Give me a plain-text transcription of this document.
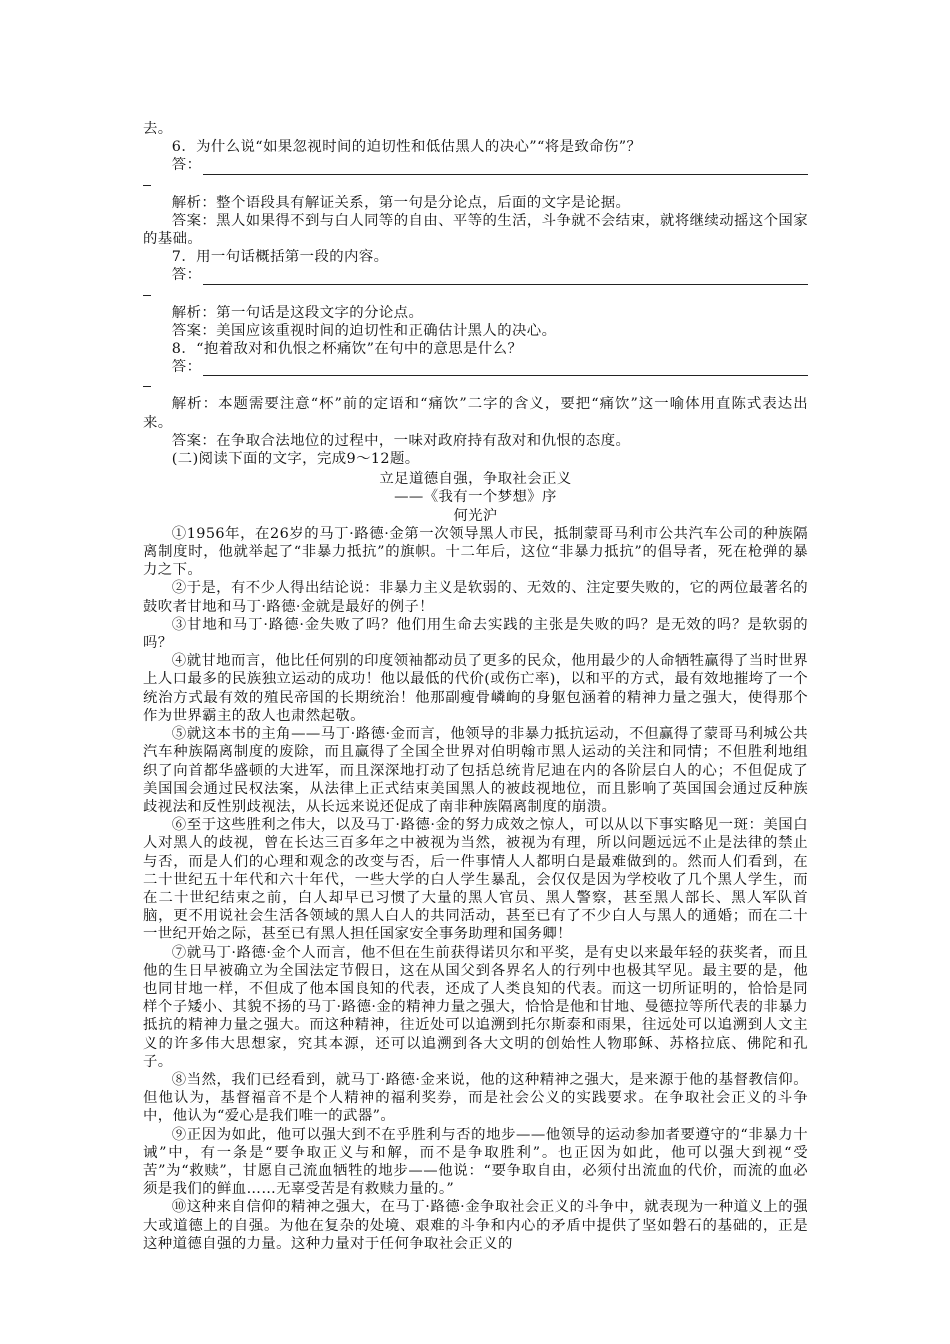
去。

6．为什么说“如果忽视时间的迫切性和低估黑人的决心”“将是致命伤”？

答：

解析：整个语段具有解证关系，第一句是分论点，后面的文字是论据。

答案：黑人如果得不到与白人同等的自由、平等的生活，斗争就不会结束，就将继续动摇这个国家的基础。

7．用一句话概括第一段的内容。

答：

解析：第一句话是这段文字的分论点。

答案：美国应该重视时间的迫切性和正确估计黑人的决心。

8．“抱着敌对和仇恨之杯痛饮”在句中的意思是什么？

答：

解析：本题需要注意“杯”前的定语和“痛饮”二字的含义，要把“痛饮”这一喻体用直陈式表达出来。

答案：在争取合法地位的过程中，一味对政府持有敌对和仇恨的态度。

(二)阅读下面的文字，完成9～12题。

立足道德自强，争取社会正义

——《我有一个梦想》序

何光沪

①1956年，在26岁的马丁·路德·金第一次领导黑人市民，抵制蒙哥马利市公共汽车公司的种族隔离制度时，他就举起了“非暴力抵抗”的旗帜。十二年后，这位“非暴力抵抗”的倡导者，死在枪弹的暴力之下。

②于是，有不少人得出结论说：非暴力主义是软弱的、无效的、注定要失败的，它的两位最著名的鼓吹者甘地和马丁·路德·金就是最好的例子！

③甘地和马丁·路德·金失败了吗？他们用生命去实践的主张是失败的吗？是无效的吗？是软弱的吗？

④就甘地而言，他比任何别的印度领袖都动员了更多的民众，他用最少的人命牺牲赢得了当时世界上人口最多的民族独立运动的成功！他以最低的代价(或伤亡率)，以和平的方式，最有效地摧垮了一个统治方式最有效的殖民帝国的长期统治！他那副瘦骨嶙峋的身躯包涵着的精神力量之强大，使得那个作为世界霸主的敌人也肃然起敬。

⑤就这本书的主角——马丁·路德·金而言，他领导的非暴力抵抗运动，不但赢得了蒙哥马利城公共汽车种族隔离制度的废除，而且赢得了全国全世界对伯明翰市黑人运动的关注和同情；不但胜利地组织了向首都华盛顿的大进军，而且深深地打动了包括总统肯尼迪在内的各阶层白人的心；不但促成了美国国会通过民权法案，从法律上正式结束美国黑人的被歧视地位，而且影响了英国国会通过反种族歧视法和反性别歧视法，从长远来说还促成了南非种族隔离制度的崩溃。

⑥至于这些胜利之伟大，以及马丁·路德·金的努力成效之惊人，可以从以下事实略见一斑：美国白人对黑人的歧视，曾在长达三百多年之中被视为当然，被视为有理，所以问题远远不止是法律的禁止与否，而是人们的心理和观念的改变与否，后一件事情人人都明白是最难做到的。然而人们看到，在二十世纪五十年代和六十年代，一些大学的白人学生暴乱，会仅仅是因为学校收了几个黑人学生，而在二十世纪结束之前，白人却早已习惯了大量的黑人官员、黑人警察，甚至黑人部长、黑人军队首脑，更不用说社会生活各领域的黑人白人的共同活动，甚至已有了不少白人与黑人的通婚；而在二十一世纪开始之际，甚至已有黑人担任国家安全事务助理和国务卿！

⑦就马丁·路德·金个人而言，他不但在生前获得诺贝尔和平奖，是有史以来最年轻的获奖者，而且他的生日早被确立为全国法定节假日，这在从国父到各界名人的行列中也极其罕见。最主要的是，他也同甘地一样，不但成了他本国良知的代表，还成了人类良知的代表。而这一切所证明的，恰恰是同样个子矮小、其貌不扬的马丁·路德·金的精神力量之强大，恰恰是他和甘地、曼德拉等所代表的非暴力抵抗的精神力量之强大。而这种精神，往近处可以追溯到托尔斯泰和雨果，往远处可以追溯到人文主义的许多伟大思想家，究其本源，还可以追溯到各大文明的创始性人物耶稣、苏格拉底、佛陀和孔子。

⑧当然，我们已经看到，就马丁·路德·金来说，他的这种精神之强大，是来源于他的基督教信仰。但他认为，基督福音不是个人精神的福利奖券，而是社会公义的实践要求。在争取社会正义的斗争中，他认为“爱心是我们唯一的武器”。

⑨正因为如此，他可以强大到不在乎胜利与否的地步——他领导的运动参加者要遵守的“非暴力十诫”中，有一条是“要争取正义与和解，而不是争取胜利”。也正因为如此，他可以强大到视“受苦”为“救赎”，甘愿自己流血牺牲的地步——他说：“要争取自由，必须付出流血的代价，而流的血必须是我们的鲜血……无辜受苦是有救赎力量的。”

⑩这种来自信仰的精神之强大，在马丁·路德·金争取社会正义的斗争中，就表现为一种道义上的强大或道德上的自强。为他在复杂的处境、艰难的斗争和内心的矛盾中提供了坚如磐石的基础的，正是这种道德自强的力量。这种力量对于任何争取社会正义的
